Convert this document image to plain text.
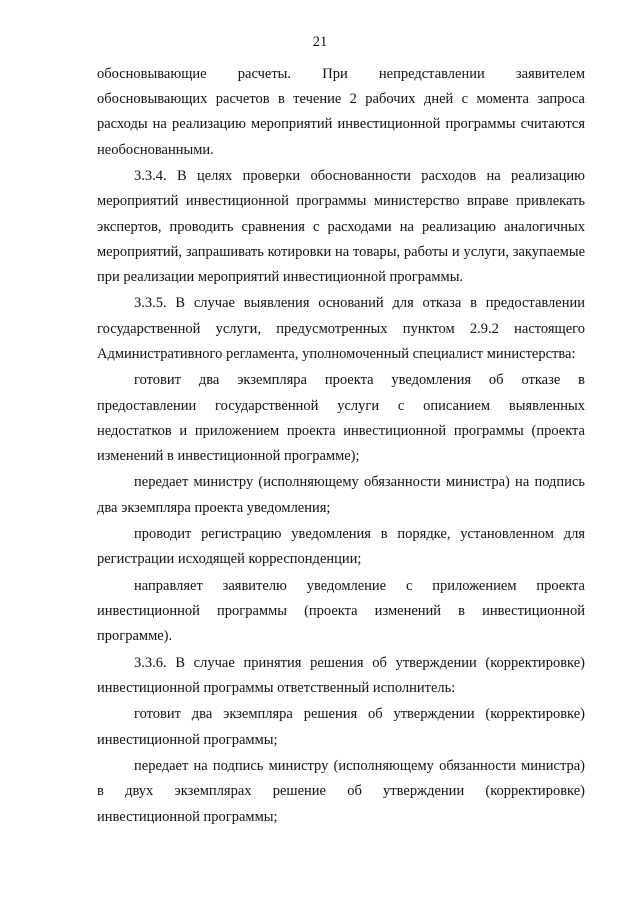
21

обосновывающие расчеты. При непредставлении заявителем обосновывающих расчетов в течение 2 рабочих дней с момента запроса расходы на реализацию мероприятий инвестиционной программы считаются необоснованными.

3.3.4. В целях проверки обоснованности расходов на реализацию мероприятий инвестиционной программы министерство вправе привлекать экспертов, проводить сравнения с расходами на реализацию аналогичных мероприятий, запрашивать котировки на товары, работы и услуги, закупаемые при реализации мероприятий инвестиционной программы.

3.3.5. В случае выявления оснований для отказа в предоставлении государственной услуги, предусмотренных пунктом 2.9.2 настоящего Административного регламента, уполномоченный специалист министерства:

готовит два экземпляра проекта уведомления об отказе в предоставлении государственной услуги с описанием выявленных недостатков и приложением проекта инвестиционной программы (проекта изменений в инвестиционной программе);

передает министру (исполняющему обязанности министра) на подпись два экземпляра проекта уведомления;

проводит регистрацию уведомления в порядке, установленном для регистрации исходящей корреспонденции;

направляет заявителю уведомление с приложением проекта инвестиционной программы (проекта изменений в инвестиционной программе).

3.3.6. В случае принятия решения об утверждении (корректировке) инвестиционной программы ответственный исполнитель:

готовит два экземпляра решения об утверждении (корректировке) инвестиционной программы;

передает на подпись министру (исполняющему обязанности министра) в двух экземплярах решение об утверждении (корректировке) инвестиционной программы;
